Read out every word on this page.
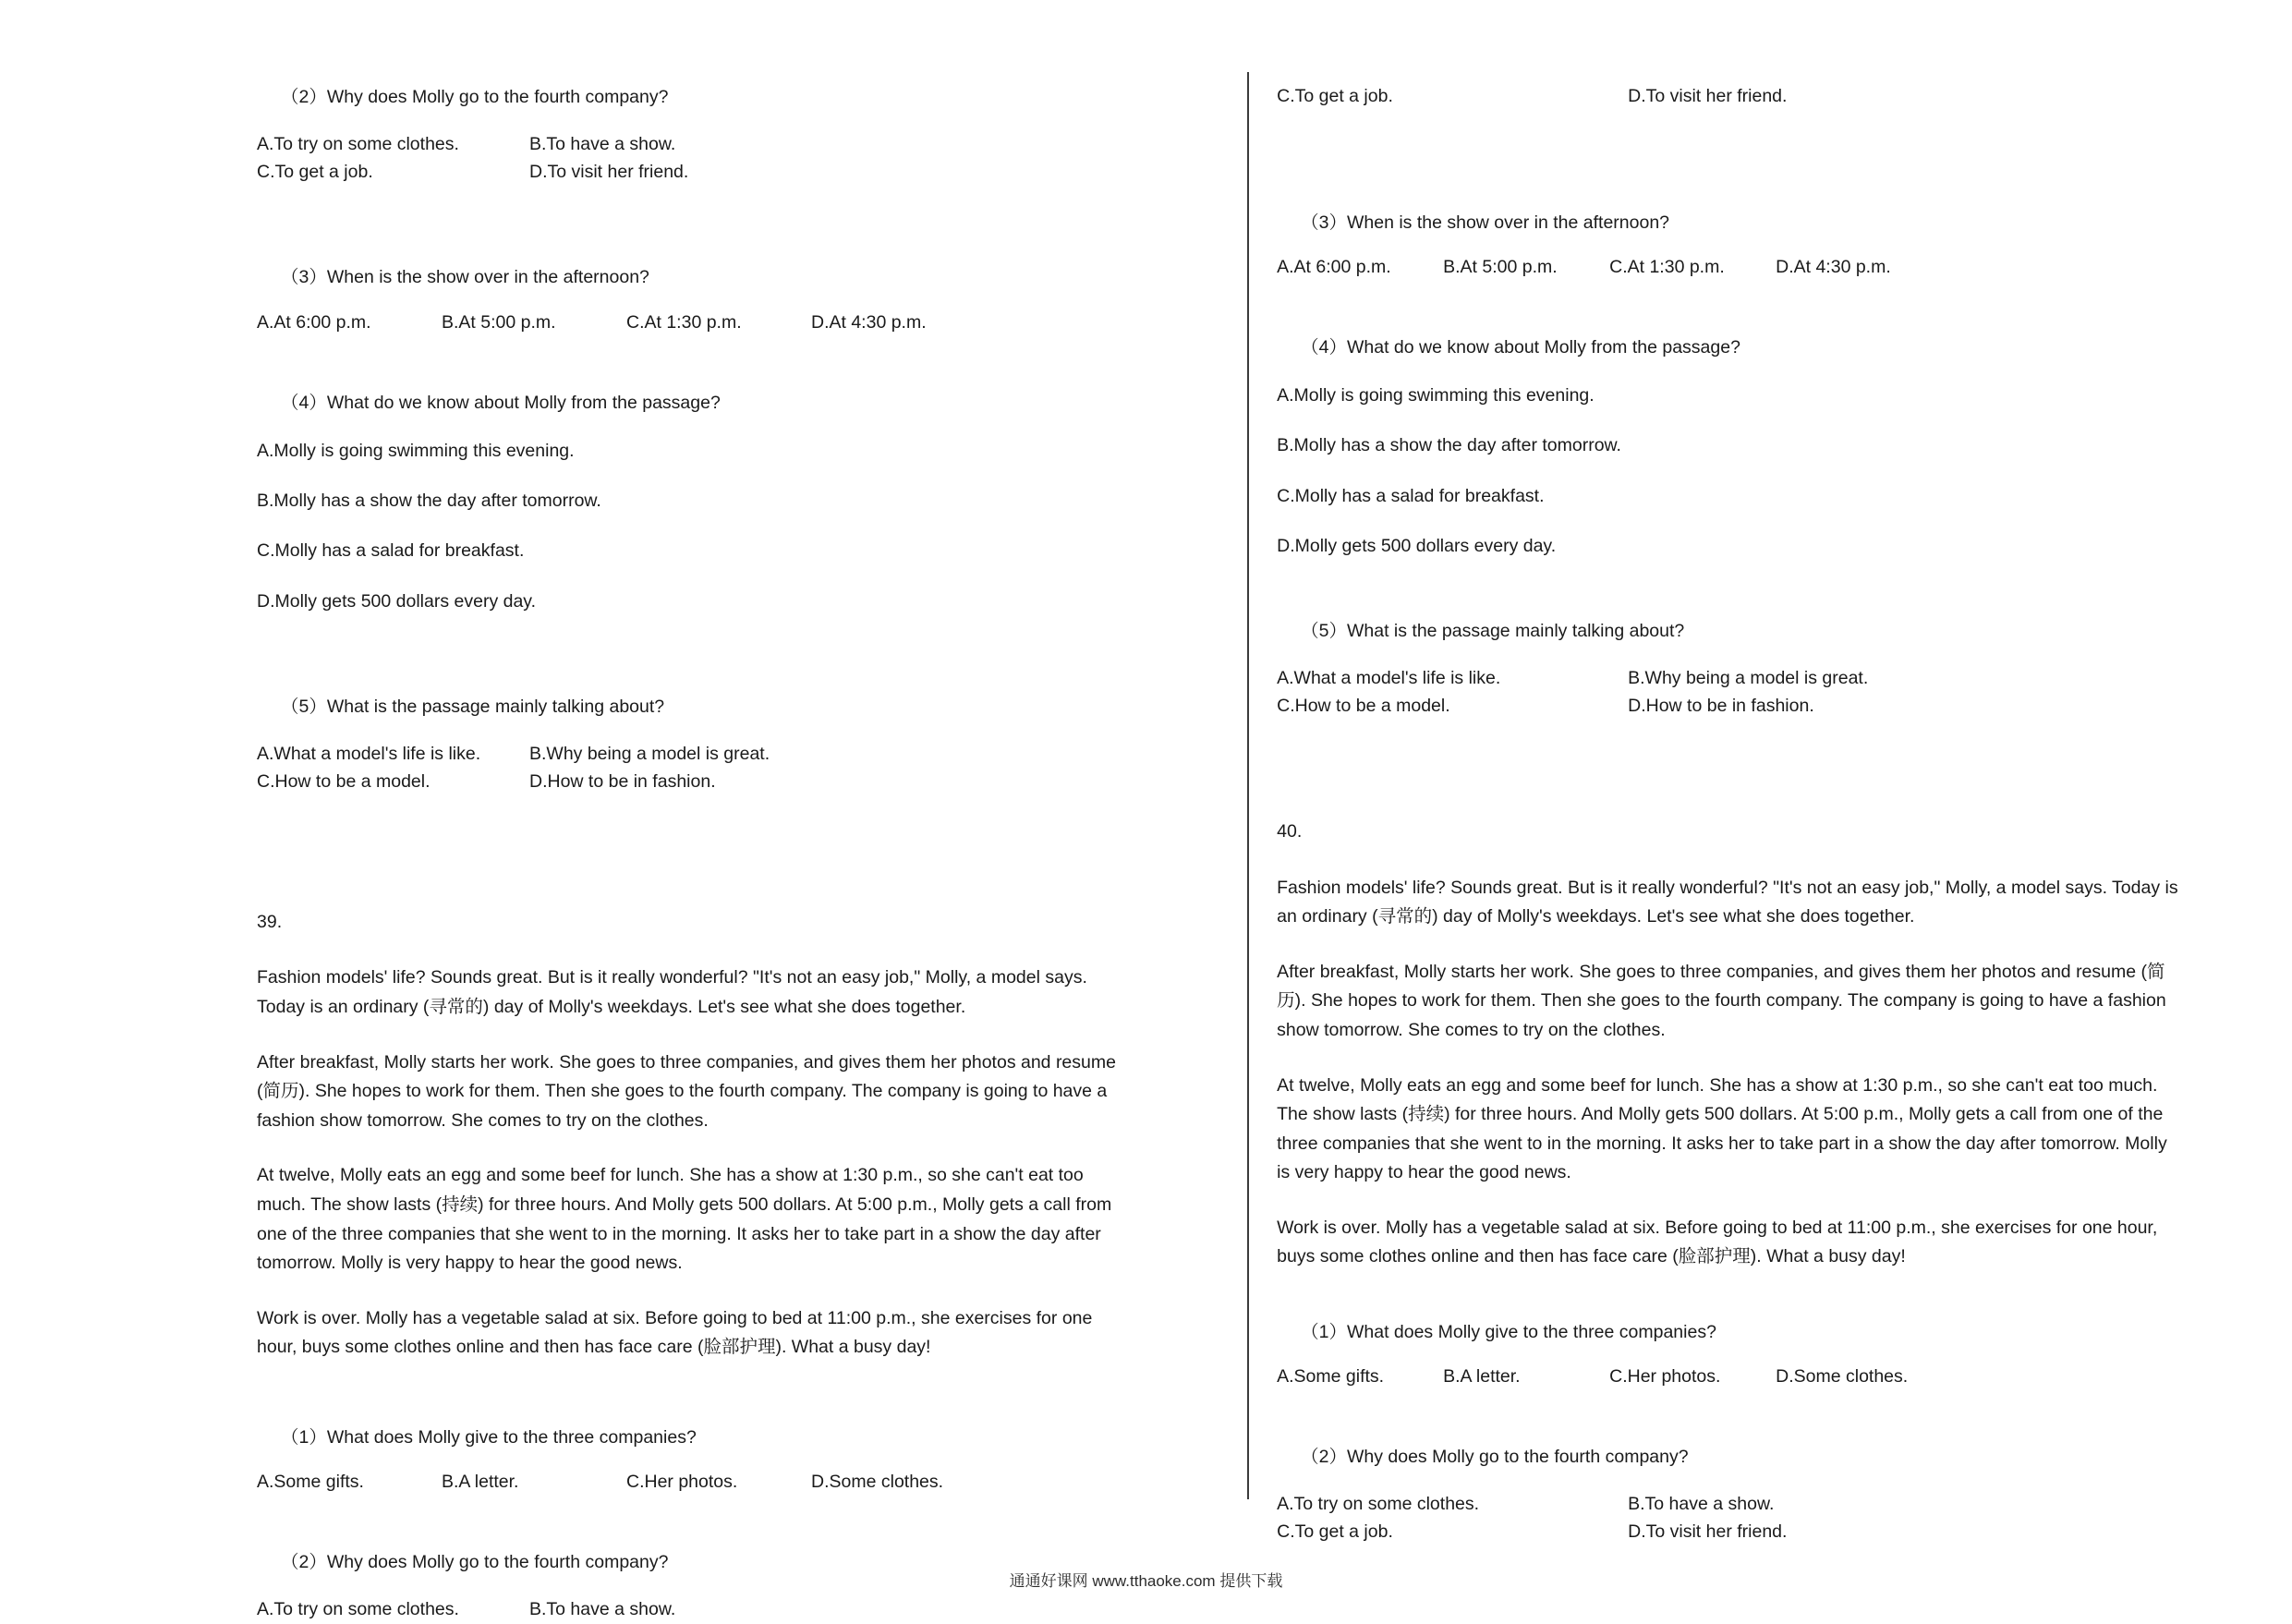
（2）Why does Molly go to the fourth company?

A.To try on some clothes.	B.To have a show.
C.To get a job.	D.To visit her friend.

（3）When is the show over in the afternoon?

A.At 6:00 p.m.	B.At 5:00 p.m.	C.At 1:30 p.m.	D.At 4:30 p.m.

（4）What do we know about Molly from the passage?

A.Molly is going swimming this evening.

B.Molly has a show the day after tomorrow.

C.Molly has a salad for breakfast.

D.Molly gets 500 dollars every day.

（5）What is the passage mainly talking about?

A.What a model's life is like.	B.Why being a model is great.
C.How to be a model.	D.How to be in fashion.

39.

Fashion models' life? Sounds great. But is it really wonderful? "It's not an easy job," Molly, a model says. Today is an ordinary (寻常的) day of Molly's weekdays. Let's see what she does together.

After breakfast, Molly starts her work. She goes to three companies, and gives them her photos and resume (简历). She hopes to work for them. Then she goes to the fourth company. The company is going to have a fashion show tomorrow. She comes to try on the clothes.

At twelve, Molly eats an egg and some beef for lunch. She has a show at 1:30 p.m., so she can't eat too much. The show lasts (持续) for three hours. And Molly gets 500 dollars. At 5:00 p.m., Molly gets a call from one of the three companies that she went to in the morning. It asks her to take part in a show the day after tomorrow. Molly is very happy to hear the good news.

Work is over. Molly has a vegetable salad at six. Before going to bed at 11:00 p.m., she exercises for one hour, buys some clothes online and then has face care (脸部护理). What a busy day!

（1）What does Molly give to the three companies?

A.Some gifts.	B.A letter.	C.Her photos.	D.Some clothes.

（2）Why does Molly go to the fourth company?

A.To try on some clothes.	B.To have a show.
C.To get a job.	D.To visit her friend.

（3）When is the show over in the afternoon?

A.At 6:00 p.m.	B.At 5:00 p.m.	C.At 1:30 p.m.	D.At 4:30 p.m.

（4）What do we know about Molly from the passage?

A.Molly is going swimming this evening.

B.Molly has a show the day after tomorrow.

C.Molly has a salad for breakfast.

D.Molly gets 500 dollars every day.

（5）What is the passage mainly talking about?

A.What a model's life is like.	B.Why being a model is great.
C.How to be a model.	D.How to be in fashion.

40.

Fashion models' life? Sounds great. But is it really wonderful? "It's not an easy job," Molly, a model says. Today is an ordinary (寻常的) day of Molly's weekdays. Let's see what she does together.

After breakfast, Molly starts her work. She goes to three companies, and gives them her photos and resume (简历). She hopes to work for them. Then she goes to the fourth company. The company is going to have a fashion show tomorrow. She comes to try on the clothes.

At twelve, Molly eats an egg and some beef for lunch. She has a show at 1:30 p.m., so she can't eat too much. The show lasts (持续) for three hours. And Molly gets 500 dollars. At 5:00 p.m., Molly gets a call from one of the three companies that she went to in the morning. It asks her to take part in a show the day after tomorrow. Molly is very happy to hear the good news.

Work is over. Molly has a vegetable salad at six. Before going to bed at 11:00 p.m., she exercises for one hour, buys some clothes online and then has face care (脸部护理). What a busy day!

（1）What does Molly give to the three companies?

A.Some gifts.	B.A letter.	C.Her photos.	D.Some clothes.

（2）Why does Molly go to the fourth company?

A.To try on some clothes.	B.To have a show.
C.To get a job.	D.To visit her friend.
通通好课网 www.tthaoke.com 提供下载
